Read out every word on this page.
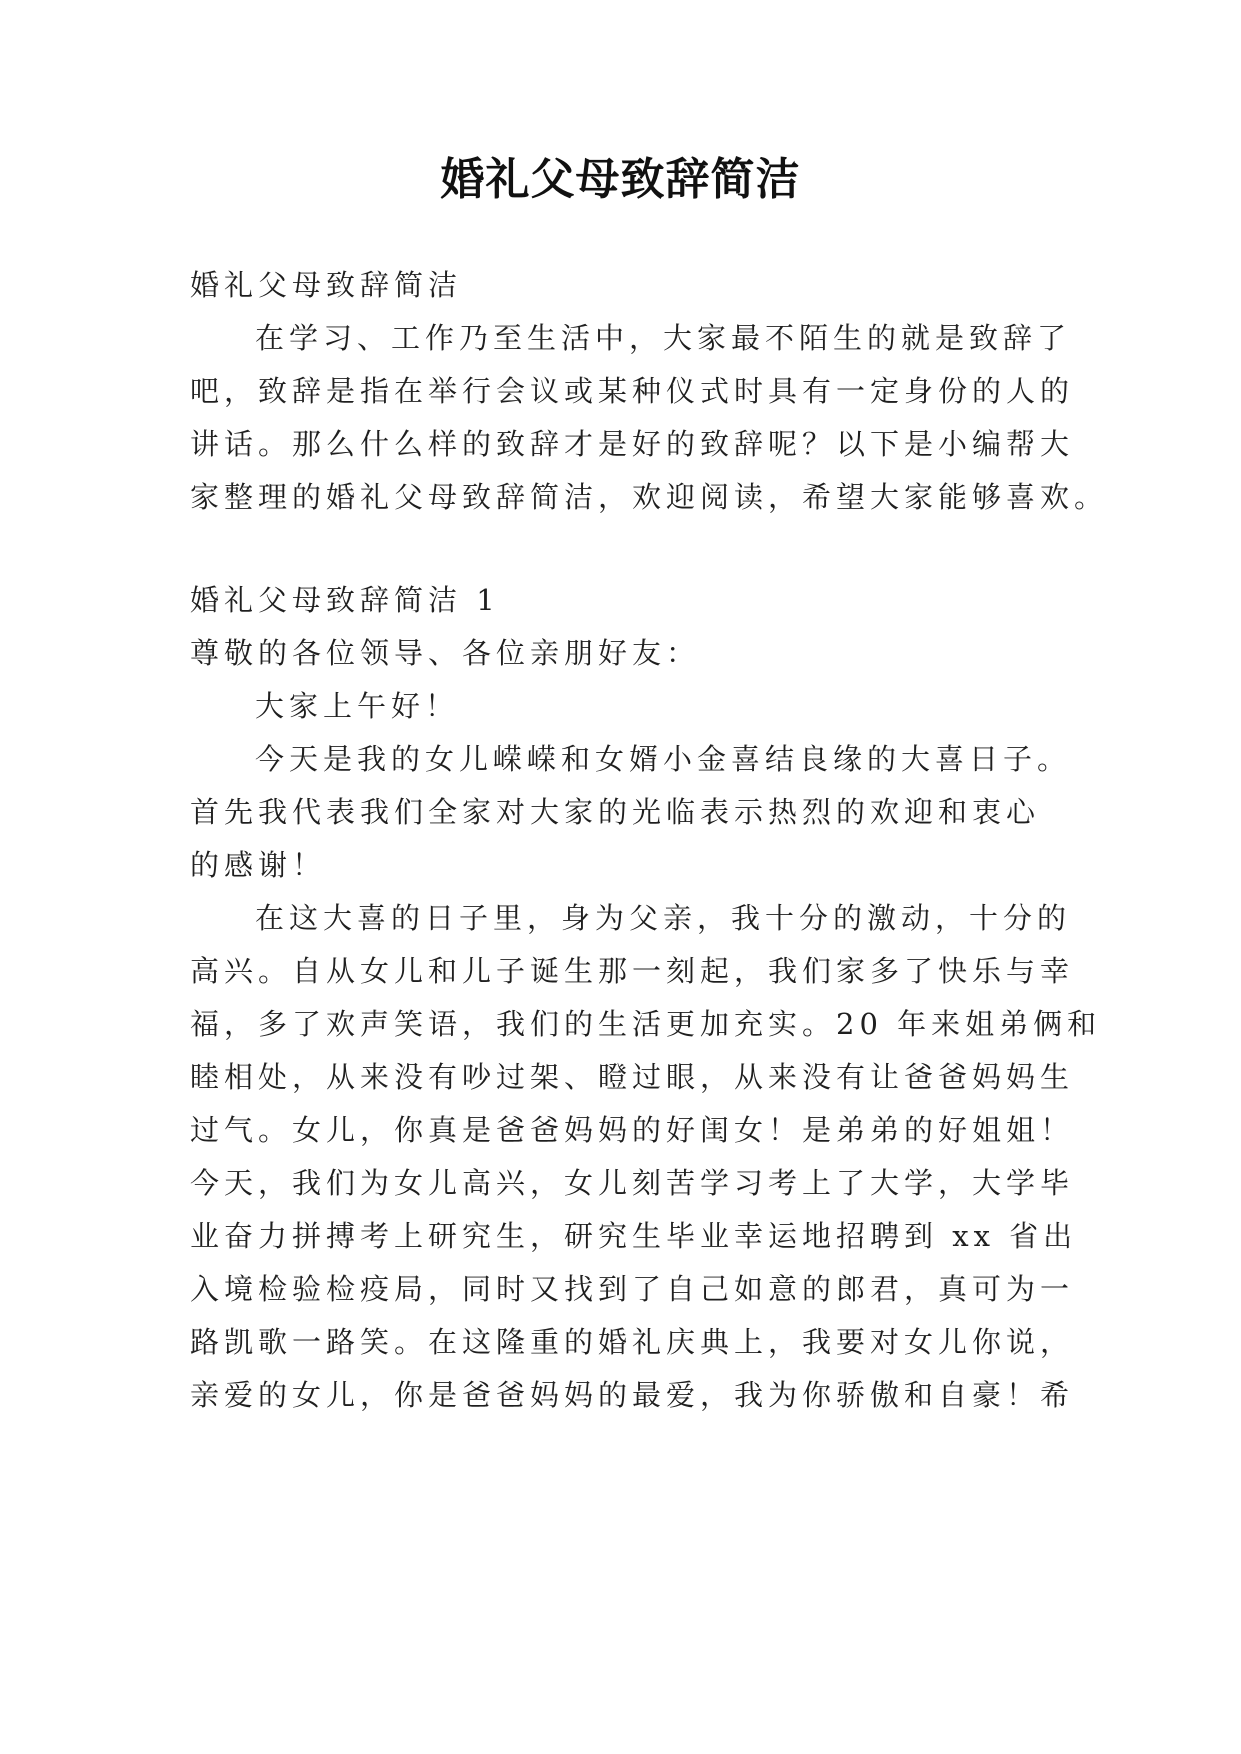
婚礼父母致辞简洁
婚礼父母致辞简洁
在学习、工作乃至生活中，大家最不陌生的就是致辞了
吧，致辞是指在举行会议或某种仪式时具有一定身份的人的
讲话。那么什么样的致辞才是好的致辞呢？以下是小编帮大
家整理的婚礼父母致辞简洁，欢迎阅读，希望大家能够喜欢。
婚礼父母致辞简洁 1
尊敬的各位领导、各位亲朋好友：
大家上午好！
今天是我的女儿嵘嵘和女婿小金喜结良缘的大喜日子。
首先我代表我们全家对大家的光临表示热烈的欢迎和衷心
的感谢！
在这大喜的日子里，身为父亲，我十分的激动，十分的
高兴。自从女儿和儿子诞生那一刻起，我们家多了快乐与幸
福，多了欢声笑语，我们的生活更加充实。20 年来姐弟俩和
睦相处，从来没有吵过架、瞪过眼，从来没有让爸爸妈妈生
过气。女儿，你真是爸爸妈妈的好闺女！是弟弟的好姐姐！
今天，我们为女儿高兴，女儿刻苦学习考上了大学，大学毕
业奋力拼搏考上研究生，研究生毕业幸运地招聘到 xx 省出
入境检验检疫局，同时又找到了自己如意的郎君，真可为一
路凯歌一路笑。在这隆重的婚礼庆典上，我要对女儿你说，
亲爱的女儿，你是爸爸妈妈的最爱，我为你骄傲和自豪！希
